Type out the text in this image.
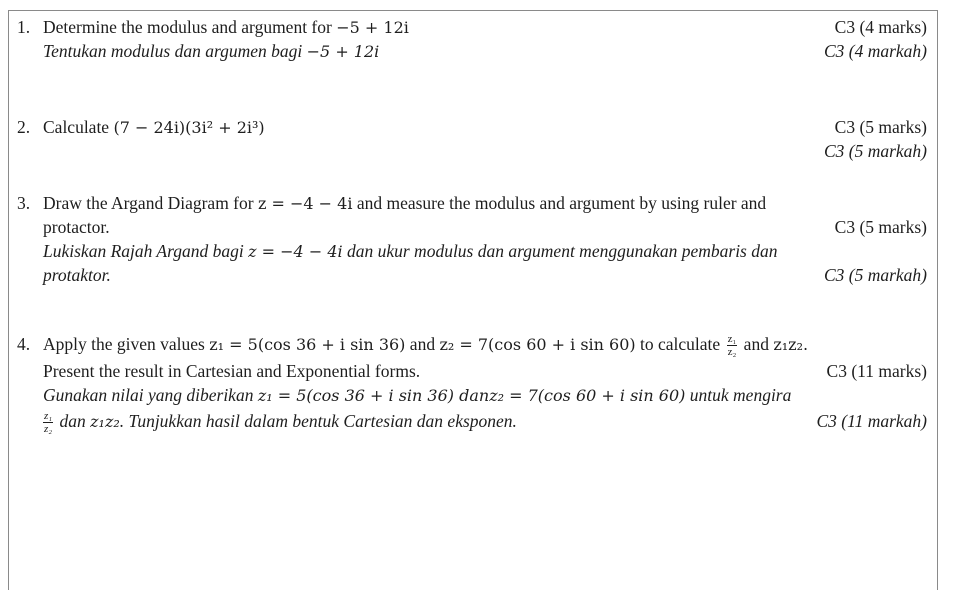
1. Determine the modulus and argument for −5 + 12i	C3 (4 marks)
Tentukan modulus dan argumen bagi −5 + 12i	C3 (4 markah)
2. Calculate (7 − 24i)(3i² + 2i³)	C3 (5 marks)
C3 (5 markah)
3. Draw the Argand Diagram for z = −4 − 4i and measure the modulus and argument by using ruler and
protactor.	C3 (5 marks)
Lukiskan Rajah Argand bagi z = −4 − 4i dan ukur modulus dan argument menggunakan pembaris dan
protaktor.	C3 (5 markah)
4. Apply the given values z₁ = 5(cos 36 + i sin 36) and z₂ = 7(cos 60 + i sin 60) to calculate $\frac{\text{z₁}}{\text{z₂}}$ and z₁z₂.
Present the result in Cartesian and Exponential forms.	C3 (11 marks)
Gunakan nilai yang diberikan z₁ = 5(cos 36 + i sin 36) danz₂ = 7(cos 60 + i sin 60) untuk mengira
$\frac{\text{z₁}}{\text{z₂}}$ dan z₁z₂. Tunjukkan hasil dalam bentuk Cartesian dan eksponen.	C3 (11 markah)
